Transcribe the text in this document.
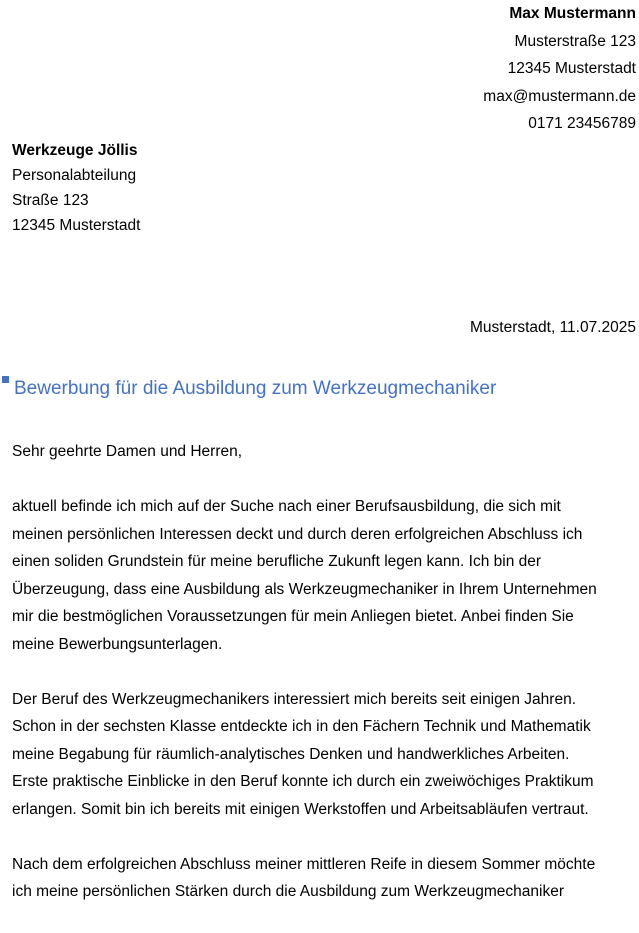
Max Mustermann
Musterstraße 123
12345 Musterstadt
max@mustermann.de
0171 23456789
Werkzeuge Jöllis
Personalabteilung
Straße 123
12345 Musterstadt
Musterstadt, 11.07.2025
Bewerbung für die Ausbildung zum Werkzeugmechaniker

Sehr geehrte Damen und Herren,

aktuell befinde ich mich auf der Suche nach einer Berufsausbildung, die sich mit
meinen persönlichen Interessen deckt und durch deren erfolgreichen Abschluss ich
einen soliden Grundstein für meine berufliche Zukunft legen kann. Ich bin der
Überzeugung, dass eine Ausbildung als Werkzeugmechaniker in Ihrem Unternehmen
mir die bestmöglichen Voraussetzungen für mein Anliegen bietet. Anbei finden Sie
meine Bewerbungsunterlagen.

Der Beruf des Werkzeugmechanikers interessiert mich bereits seit einigen Jahren.
Schon in der sechsten Klasse entdeckte ich in den Fächern Technik und Mathematik
meine Begabung für räumlich-analytisches Denken und handwerkliches Arbeiten.
Erste praktische Einblicke in den Beruf konnte ich durch ein zweiwöchiges Praktikum
erlangen. Somit bin ich bereits mit einigen Werkstoffen und Arbeitsabläufen vertraut.

Nach dem erfolgreichen Abschluss meiner mittleren Reife in diesem Sommer möchte
ich meine persönlichen Stärken durch die Ausbildung zum Werkzeugmechaniker
